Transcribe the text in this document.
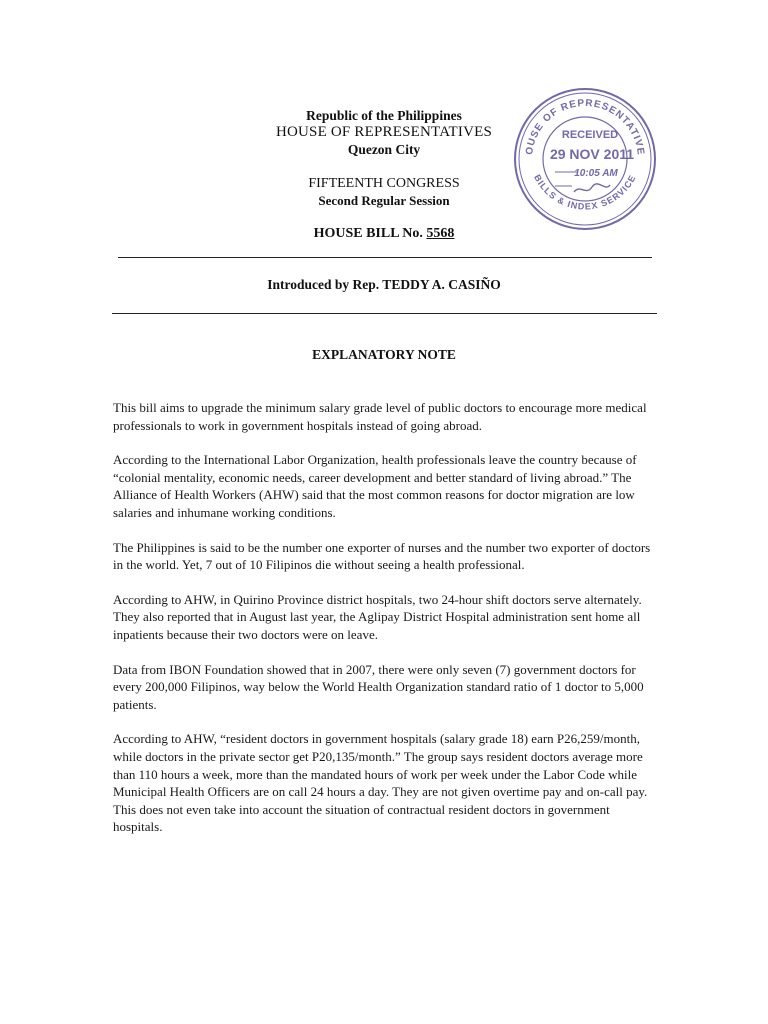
Republic of the Philippines
HOUSE OF REPRESENTATIVES
Quezon City
FIFTEENTH CONGRESS
Second Regular Session
HOUSE BILL No. 5568
Introduced by Rep. TEDDY A. CASIÑO
EXPLANATORY NOTE

This bill aims to upgrade the minimum salary grade level of public doctors to encourage more medical professionals to work in government hospitals instead of going abroad.

According to the International Labor Organization, health professionals leave the country because of “colonial mentality, economic needs, career development and better standard of living abroad.” The Alliance of Health Workers (AHW) said that the most common reasons for doctor migration are low salaries and inhumane working conditions.

The Philippines is said to be the number one exporter of nurses and the number two exporter of doctors in the world. Yet, 7 out of 10 Filipinos die without seeing a health professional.

According to AHW, in Quirino Province district hospitals, two 24-hour shift doctors serve alternately. They also reported that in August last year, the Aglipay District Hospital administration sent home all inpatients because their two doctors were on leave.

Data from IBON Foundation showed that in 2007, there were only seven (7) government doctors for every 200,000 Filipinos, way below the World Health Organization standard ratio of 1 doctor to 5,000 patients.

According to AHW, “resident doctors in government hospitals (salary grade 18) earn P26,259/month, while doctors in the private sector get P20,135/month.” The group says resident doctors average more than 110 hours a week, more than the mandated hours of work per week under the Labor Code while Municipal Health Officers are on call 24 hours a day. They are not given overtime pay and on-call pay. This does not even take into account the situation of contractual resident doctors in government hospitals.

OUSE OF REPRESENTATIVE
BILLS & INDEX SERVICE
RECEIVED
29 NOV 2011
10:05 AM
